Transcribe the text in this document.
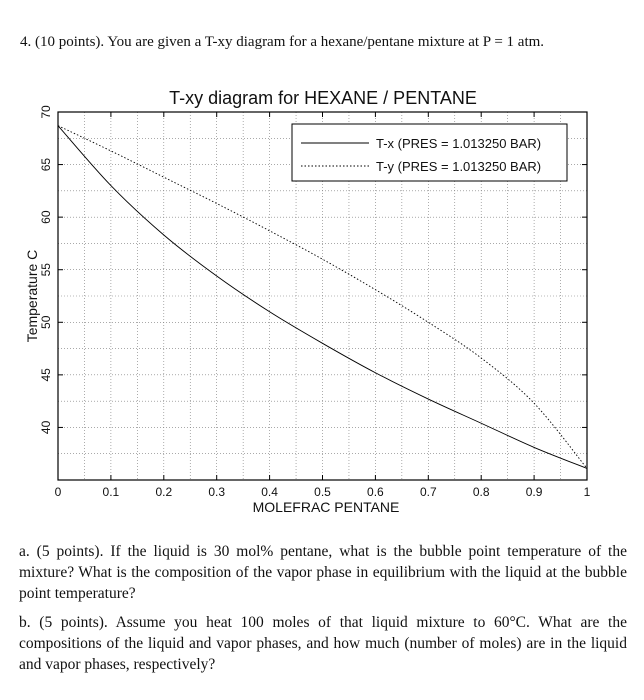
4. (10 points). You are given a T-xy diagram for a hexane/pentane mixture at P = 1 atm.
T-xy diagram for HEXANE / PENTANE
0	0.1	0.2	0.3	0.4	0.5	0.6	0.7	0.8	0.9	1
40
45
50
55
60
65
70
MOLEFRAC PENTANE
Temperature C
T-x (PRES = 1.013250 BAR)
T-y (PRES = 1.013250 BAR)
a. (5 points). If the liquid is 30 mol% pentane, what is the bubble point temperature of the mixture? What is the composition of the vapor phase in equilibrium with the liquid at the bubble point temperature?
b. (5 points). Assume you heat 100 moles of that liquid mixture to 60°C. What are the compositions of the liquid and vapor phases, and how much (number of moles) are in the liquid and vapor phases, respectively?
